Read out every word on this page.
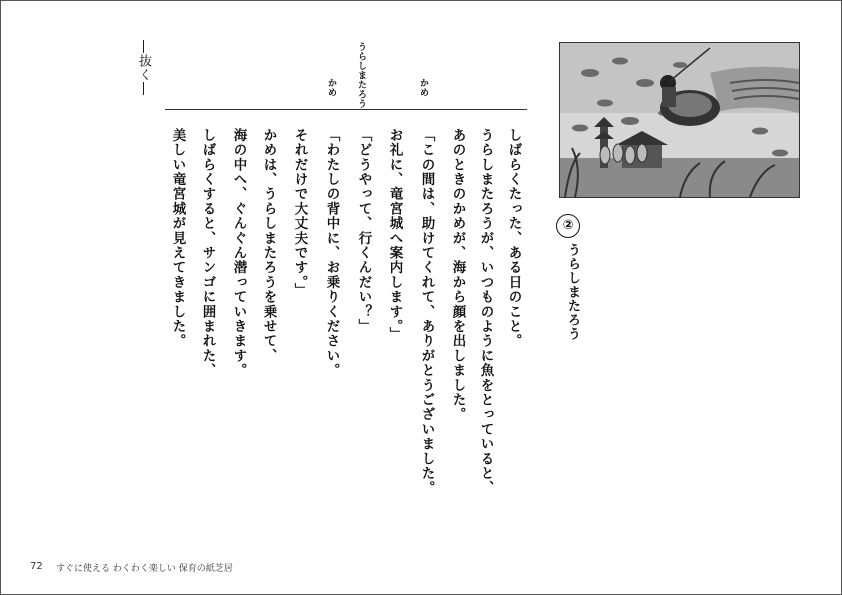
②
うらしまたろう
かめ
うらしまたろう
かめ
しばらくたった、ある日のこと。
うらしまたろうが、いつものように魚をとっていると、
あのときのかめが、海から顔を出しました。
「この間は、助けてくれて、ありがとうございました。
お礼に、竜宮城へ案内します。」
「どうやって、行くんだい？」
「わたしの背中に、お乗りください。
それだけで大丈夫です。」
かめは、うらしまたろうを乗せて、
海の中へ、ぐんぐん潜っていきます。
しばらくすると、サンゴに囲まれた、
美しい竜宮城が見えてきました。
―抜く―
72 すぐに使える わくわく楽しい 保育の紙芝居
